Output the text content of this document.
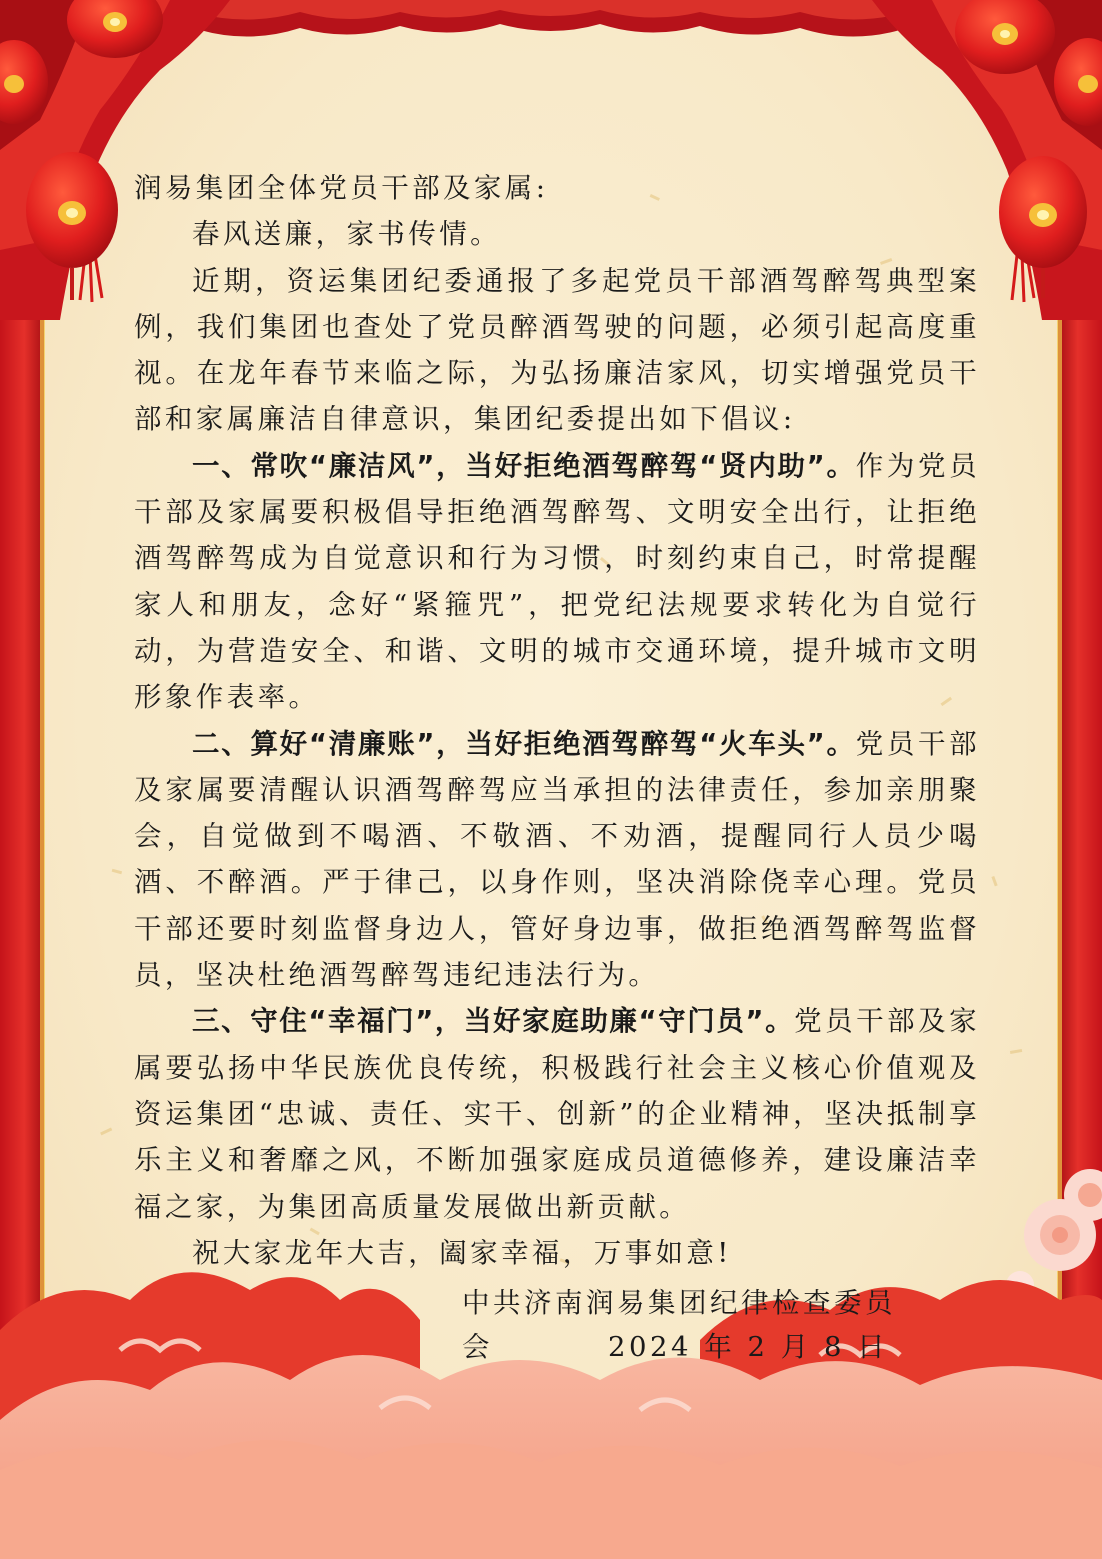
润易集团全体党员干部及家属:

春风送廉，家书传情。

近期，资运集团纪委通报了多起党员干部酒驾醉驾典型案例，我们集团也查处了党员醉酒驾驶的问题，必须引起高度重视。在龙年春节来临之际，为弘扬廉洁家风，切实增强党员干部和家属廉洁自律意识，集团纪委提出如下倡议:

一、常吹“廉洁风”，当好拒绝酒驾醉驾“贤内助”。作为党员干部及家属要积极倡导拒绝酒驾醉驾、文明安全出行，让拒绝酒驾醉驾成为自觉意识和行为习惯，时刻约束自己，时常提醒家人和朋友，念好“紧箍咒”，把党纪法规要求转化为自觉行动，为营造安全、和谐、文明的城市交通环境，提升城市文明形象作表率。

二、算好“清廉账”，当好拒绝酒驾醉驾“火车头”。党员干部及家属要清醒认识酒驾醉驾应当承担的法律责任，参加亲朋聚会，自觉做到不喝酒、不敬酒、不劝酒，提醒同行人员少喝酒、不醉酒。严于律己，以身作则，坚决消除侥幸心理。党员干部还要时刻监督身边人，管好身边事，做拒绝酒驾醉驾监督员，坚决杜绝酒驾醉驾违纪违法行为。

三、守住“幸福门”，当好家庭助廉“守门员”。党员干部及家属要弘扬中华民族优良传统，积极践行社会主义核心价值观及资运集团“忠诚、责任、实干、创新”的企业精神，坚决抵制享乐主义和奢靡之风，不断加强家庭成员道德修养，建设廉洁幸福之家，为集团高质量发展做出新贡献。

祝大家龙年大吉，阖家幸福，万事如意!

中共济南润易集团纪律检查委员会	2024 年 2 月 8 日
